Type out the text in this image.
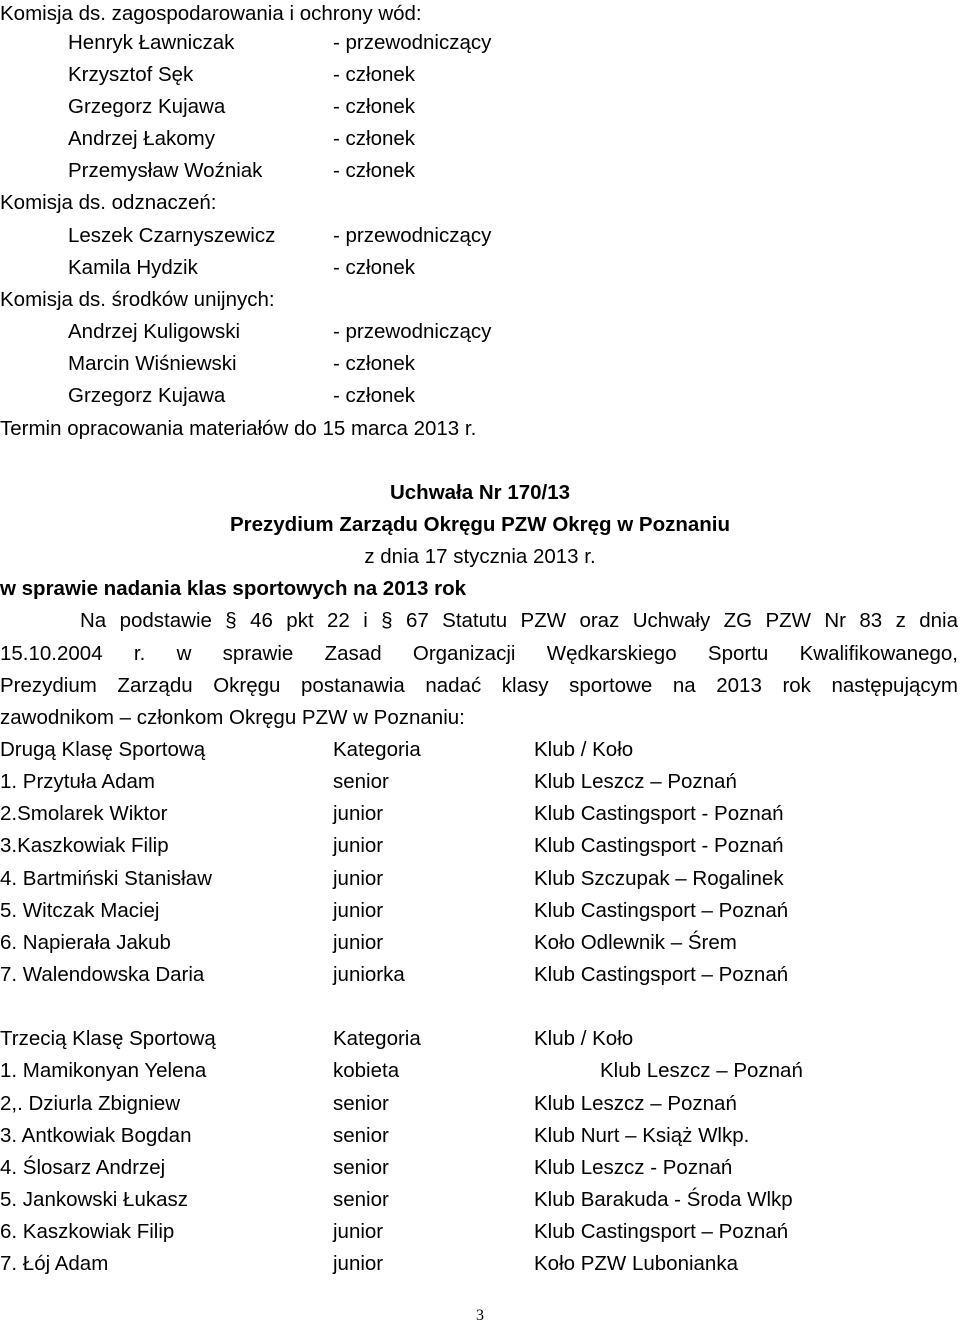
Komisja ds. zagospodarowania i ochrony wód:
Henryk Ławniczak	- przewodniczący
Krzysztof Sęk	- członek
Grzegorz Kujawa	- członek
Andrzej Łakomy	- członek
Przemysław Woźniak	- członek
Komisja ds. odznaczeń:
Leszek Czarnyszewicz	- przewodniczący
Kamila Hydzik	- członek
Komisja ds. środków unijnych:
Andrzej Kuligowski	- przewodniczący
Marcin Wiśniewski	- członek
Grzegorz Kujawa	- członek
Termin opracowania materiałów do 15 marca 2013 r.
Uchwała Nr 170/13
Prezydium Zarządu Okręgu PZW Okręg w Poznaniu
z dnia 17 stycznia 2013 r.
w sprawie nadania klas sportowych na 2013 rok
Na podstawie § 46 pkt 22 i § 67 Statutu PZW oraz Uchwały ZG PZW Nr 83 z dnia
15.10.2004 r. w sprawie Zasad Organizacji Wędkarskiego Sportu Kwalifikowanego,
Prezydium Zarządu Okręgu postanawia nadać klasy sportowe na 2013 rok następującym
zawodnikom – członkom Okręgu PZW w Poznaniu:
Drugą Klasę Sportową	Kategoria	Klub / Koło
1. Przytuła Adam	senior	Klub Leszcz – Poznań
2.Smolarek Wiktor	junior	Klub Castingsport - Poznań
3.Kaszkowiak Filip	junior	Klub Castingsport - Poznań
4. Bartmiński Stanisław	junior	Klub Szczupak – Rogalinek
5. Witczak Maciej	junior	Klub Castingsport – Poznań
6. Napierała Jakub	junior	Koło Odlewnik – Śrem
7. Walendowska Daria	juniorka	Klub Castingsport – Poznań
Trzecią Klasę Sportową	Kategoria	Klub / Koło
1. Mamikonyan Yelena	kobieta	Klub Leszcz – Poznań
2,. Dziurla Zbigniew	senior	Klub Leszcz – Poznań
3. Antkowiak Bogdan	senior	Klub Nurt – Książ Wlkp.
4. Ślosarz Andrzej	senior	Klub Leszcz - Poznań
5. Jankowski Łukasz	senior	Klub Barakuda - Środa Wlkp
6. Kaszkowiak Filip	junior	Klub Castingsport – Poznań
7. Łój Adam	junior	Koło PZW Lubonianka
3
